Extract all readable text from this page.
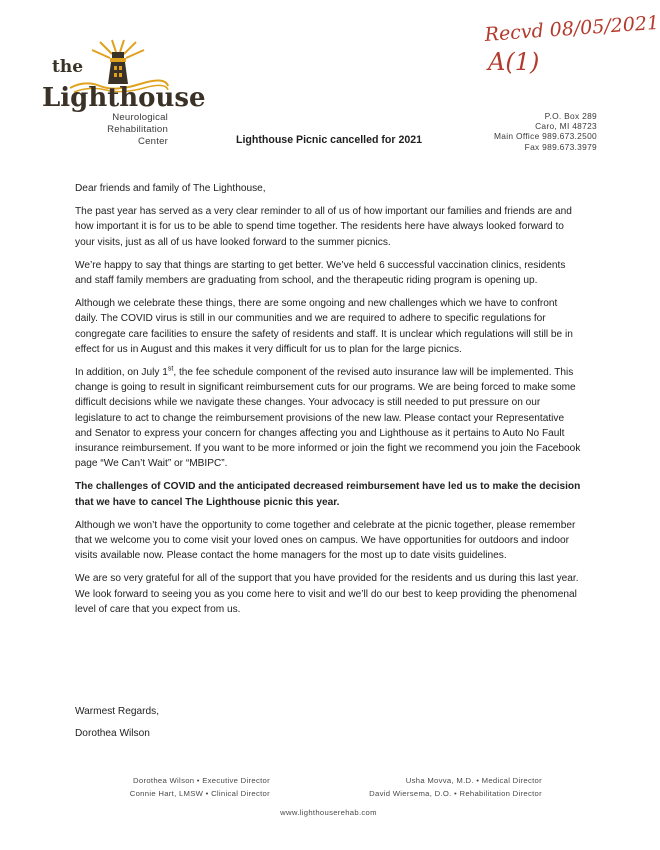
the
Lighthouse
Neurological
Rehabilitation
Center
Recvd 08/05/2021
A(1)
P.O. Box 289
Caro, MI 48723
Main Office 989.673.2500
Fax 989.673.3979
Lighthouse Picnic cancelled for 2021

Dear friends and family of The Lighthouse,

The past year has served as a very clear reminder to all of us of how important our families and friends are and how important it is for us to be able to spend time together. The residents here have always looked forward to your visits, just as all of us have looked forward to the summer picnics.

We’re happy to say that things are starting to get better. We’ve held 6 successful vaccination clinics, residents and staff family members are graduating from school, and the therapeutic riding program is opening up.

Although we celebrate these things, there are some ongoing and new challenges which we have to confront daily. The COVID virus is still in our communities and we are required to adhere to specific regulations for congregate care facilities to ensure the safety of residents and staff. It is unclear which regulations will still be in effect for us in August and this makes it very difficult for us to plan for the large picnics.

In addition, on July 1st, the fee schedule component of the revised auto insurance law will be implemented. This change is going to result in significant reimbursement cuts for our programs. We are being forced to make some difficult decisions while we navigate these changes. Your advocacy is still needed to put pressure on our legislature to act to change the reimbursement provisions of the new law. Please contact your Representative and Senator to express your concern for changes affecting you and Lighthouse as it pertains to Auto No Fault insurance reimbursement. If you want to be more informed or join the fight we recommend you join the Facebook page “We Can’t Wait” or “MBIPC”.

The challenges of COVID and the anticipated decreased reimbursement have led us to make the decision that we have to cancel The Lighthouse picnic this year.

Although we won’t have the opportunity to come together and celebrate at the picnic together, please remember that we welcome you to come visit your loved ones on campus. We have opportunities for outdoors and indoor visits available now. Please contact the home managers for the most up to date visits guidelines.

We are so very grateful for all of the support that you have provided for the residents and us during this last year. We look forward to seeing you as you come here to visit and we’ll do our best to keep providing the phenomenal level of care that you expect from us.

Warmest Regards,
Dorothea Wilson
Dorothea Wilson • Executive Director
Connie Hart, LMSW • Clinical Director
Usha Movva, M.D. • Medical Director
David Wiersema, D.O. • Rehabilitation Director
www.lighthouserehab.com
